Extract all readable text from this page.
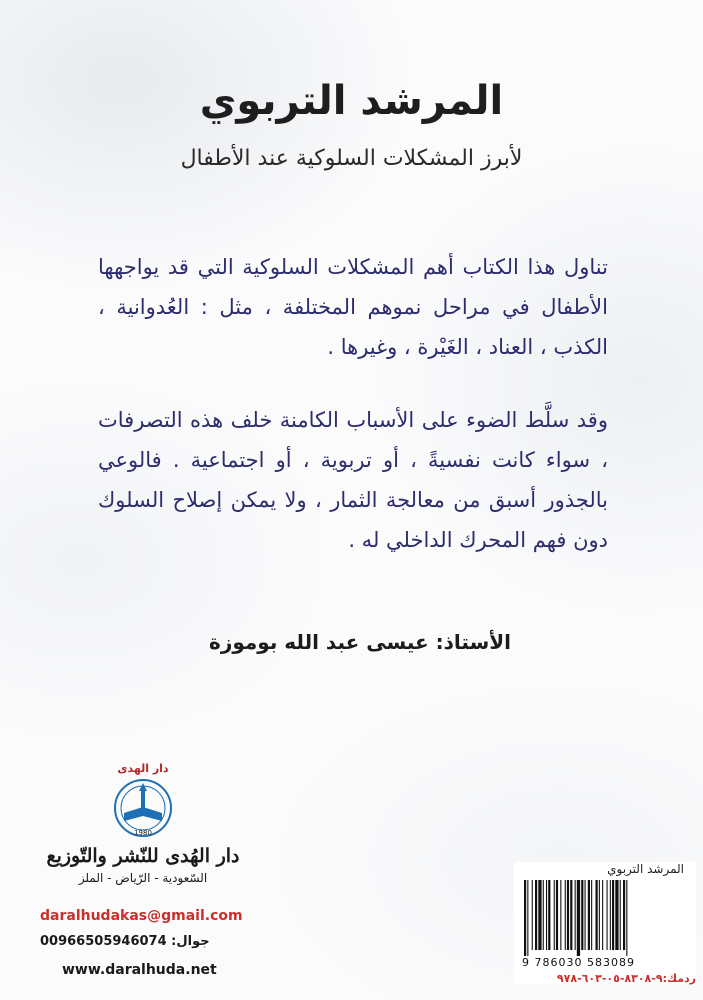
المرشد التربوي
لأبرز المشكلات السلوكية عند الأطفال
تناول هذا الكتاب أهم المشكلات السلوكية التي قد يواجهها الأطفال في مراحل نموهم المختلفة ، مثل : العُدوانية ، الكذب ، العناد ، الغَيْرة ، وغيرها .
وقد سلَّط الضوء على الأسباب الكامنة خلف هذه التصرفات ، سواء كانت نفسيةً ، أو تربوية ، أو اجتماعية . فالوعي بالجذور أسبق من معالجة الثمار ، ولا يمكن إصلاح السلوك دون فهم المحرك الداخلي له .
الأستاذ: عيسى عبد الله بوموزة
دار الهدى
1980
دار الهُدى للنّشر والتّوزيع
السّعودية - الرّياض - الملز
daralhudakas@gmail.com
جوال: 00966505946074
www.daralhuda.net
المرشد التربوي
9 786030 583089
ردمك:٩-٨٣٠٨-٠٥-٦٠٣-٩٧٨
